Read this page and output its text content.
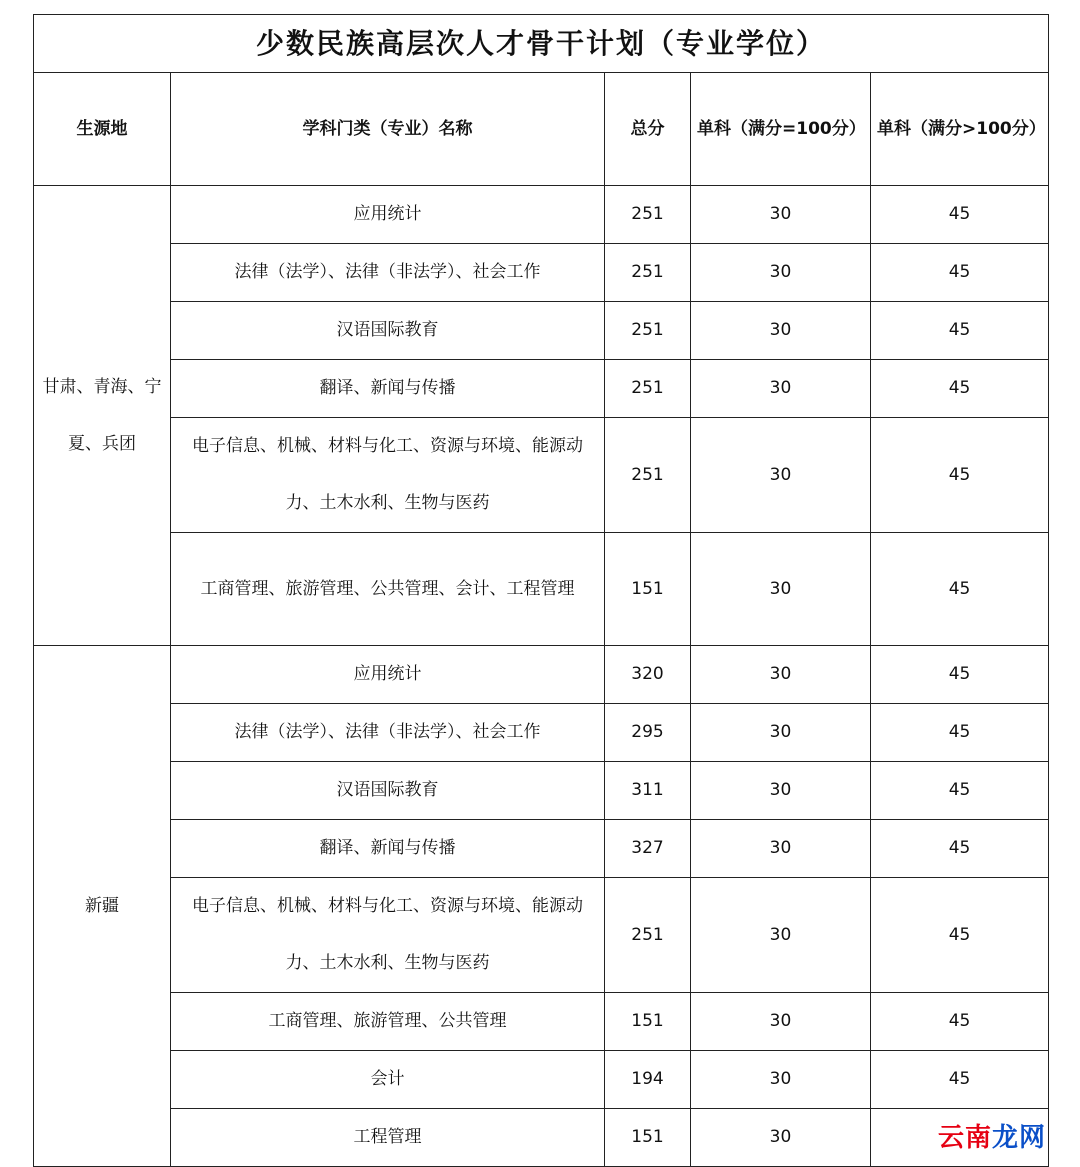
少数民族高层次人才骨干计划（专业学位）				
生源地	学科门类（专业）名称	总分	单科（满分=100分）	单科（满分>100分）
甘肃、青海、宁夏、兵团	应用统计	251	30	45
	法律（法学）、法律（非法学）、社会工作	251	30	45
	汉语国际教育	251	30	45
	翻译、新闻与传播	251	30	45
	电子信息、机械、材料与化工、资源与环境、能源动力、土木水利、生物与医药	251	30	45
	工商管理、旅游管理、公共管理、会计、工程管理	151	30	45
新疆	应用统计	320	30	45
	法律（法学）、法律（非法学）、社会工作	295	30	45
	汉语国际教育	311	30	45
	翻译、新闻与传播	327	30	45
	电子信息、机械、材料与化工、资源与环境、能源动力、土木水利、生物与医药	251	30	45
	工商管理、旅游管理、公共管理	151	30	45
	会计	194	30	45
	工程管理	151	30		云南龙网
